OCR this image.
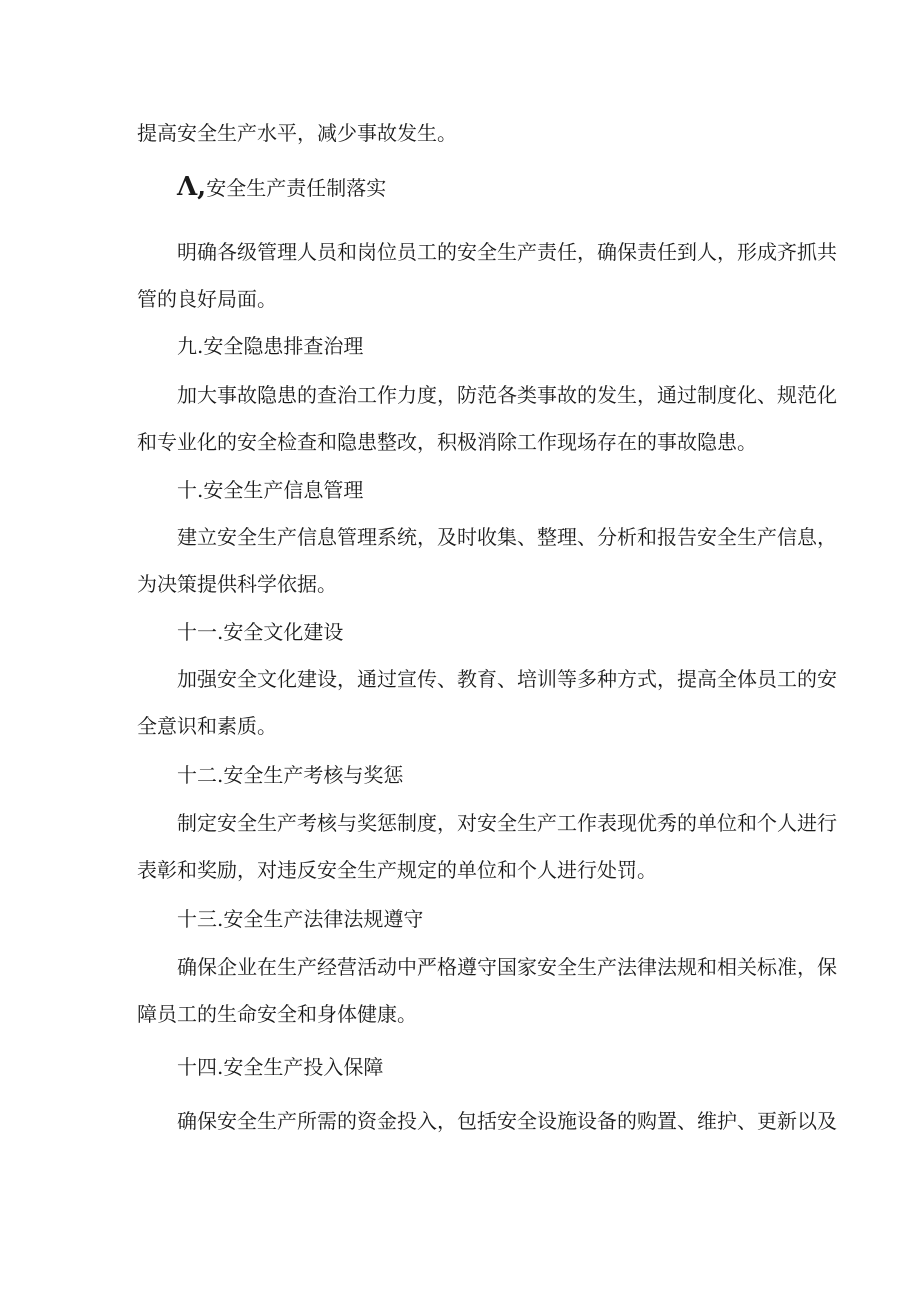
提高安全生产水平，减少事故发生。
Λ,安全生产责任制落实
明确各级管理人员和岗位员工的安全生产责任，确保责任到人，形成齐抓共
管的良好局面。
九.安全隐患排查治理
加大事故隐患的查治工作力度，防范各类事故的发生，通过制度化、规范化
和专业化的安全检查和隐患整改，积极消除工作现场存在的事故隐患。
十.安全生产信息管理
建立安全生产信息管理系统，及时收集、整理、分析和报告安全生产信息，
为决策提供科学依据。
十一.安全文化建设
加强安全文化建设，通过宣传、教育、培训等多种方式，提高全体员工的安
全意识和素质。
十二.安全生产考核与奖惩
制定安全生产考核与奖惩制度，对安全生产工作表现优秀的单位和个人进行
表彰和奖励，对违反安全生产规定的单位和个人进行处罚。
十三.安全生产法律法规遵守
确保企业在生产经营活动中严格遵守国家安全生产法律法规和相关标准，保
障员工的生命安全和身体健康。
十四.安全生产投入保障
确保安全生产所需的资金投入，包括安全设施设备的购置、维护、更新以及
